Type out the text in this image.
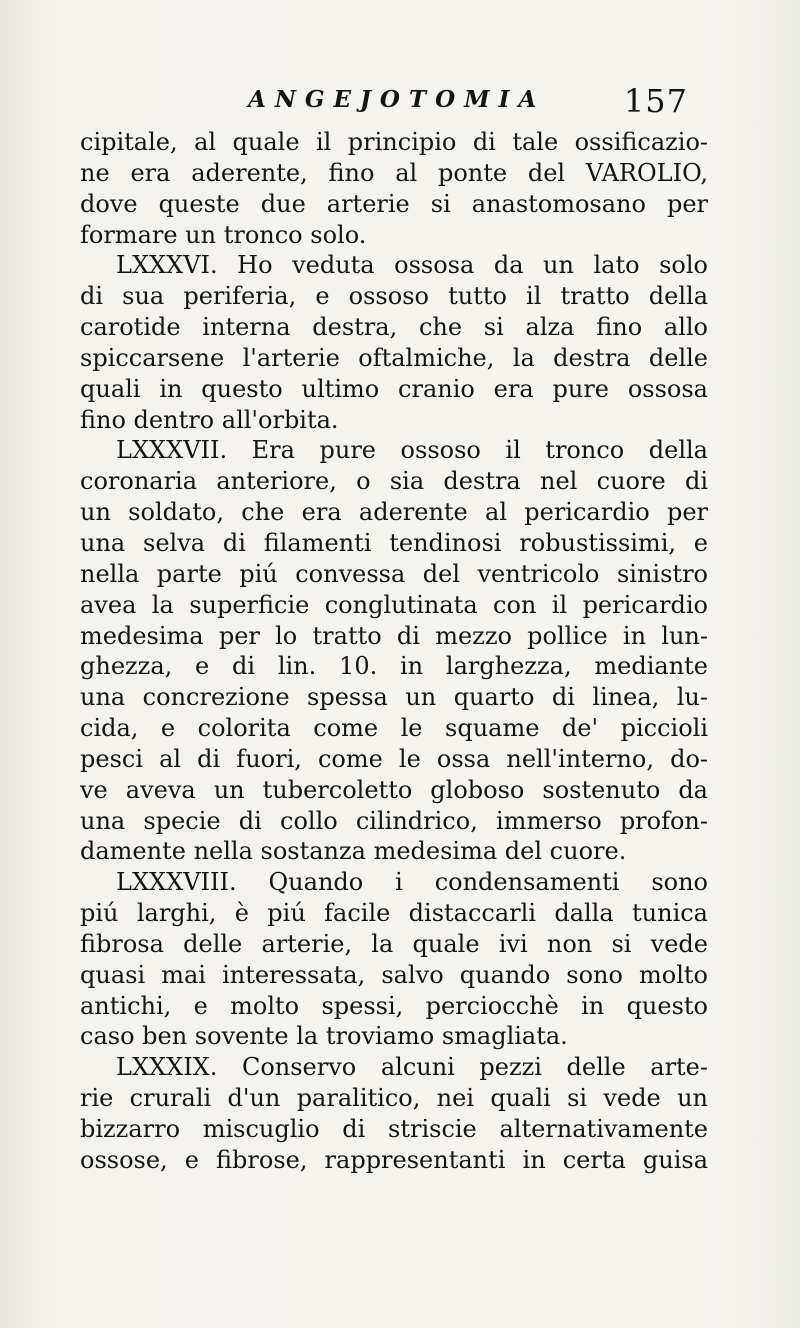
ANGEJOTOMIA 157
cipitale, al quale il principio di tale ossificazio-
ne era aderente, fino al ponte del VAROLIO,
dove queste due arterie si anastomosano per
formare un tronco solo.
LXXXVI. Ho veduta ossosa da un lato solo
di sua periferia, e ossoso tutto il tratto della
carotide interna destra, che si alza fino allo
spiccarsene l'arterie oftalmiche, la destra delle
quali in questo ultimo cranio era pure ossosa
fino dentro all'orbita.
LXXXVII. Era pure ossoso il tronco della
coronaria anteriore, o sia destra nel cuore di
un soldato, che era aderente al pericardio per
una selva di filamenti tendinosi robustissimi, e
nella parte piú convessa del ventricolo sinistro
avea la superficie conglutinata con il pericardio
medesima per lo tratto di mezzo pollice in lun-
ghezza, e di lin. 10. in larghezza, mediante
una concrezione spessa un quarto di linea, lu-
cida, e colorita come le squame de' piccioli
pesci al di fuori, come le ossa nell'interno, do-
ve aveva un tubercoletto globoso sostenuto da
una specie di collo cilindrico, immerso profon-
damente nella sostanza medesima del cuore.
LXXXVIII. Quando i condensamenti sono
piú larghi, è piú facile distaccarli dalla tunica
fibrosa delle arterie, la quale ivi non si vede
quasi mai interessata, salvo quando sono molto
antichi, e molto spessi, perciocchè in questo
caso ben sovente la troviamo smagliata.
LXXXIX. Conservo alcuni pezzi delle arte-
rie crurali d'un paralitico, nei quali si vede un
bizzarro miscuglio di striscie alternativamente
ossose, e fibrose, rappresentanti in certa guisa
